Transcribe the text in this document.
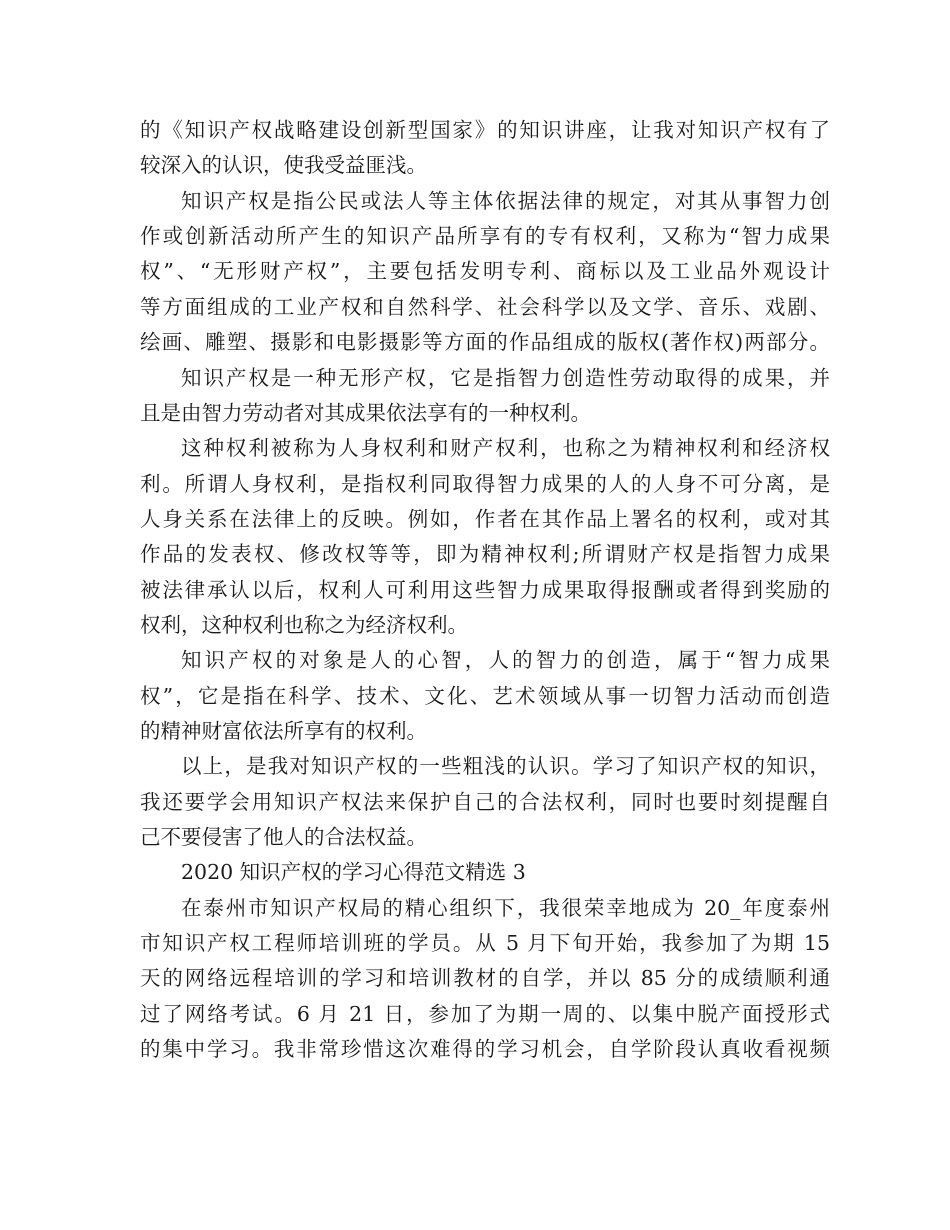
的《知识产权战略建设创新型国家》的知识讲座，让我对知识产权有了
较深入的认识，使我受益匪浅。
知识产权是指公民或法人等主体依据法律的规定，对其从事智力创
作或创新活动所产生的知识产品所享有的专有权利，又称为“智力成果
权”、“无形财产权”，主要包括发明专利、商标以及工业品外观设计
等方面组成的工业产权和自然科学、社会科学以及文学、音乐、戏剧、
绘画、雕塑、摄影和电影摄影等方面的作品组成的版权(著作权)两部分。
知识产权是一种无形产权，它是指智力创造性劳动取得的成果，并
且是由智力劳动者对其成果依法享有的一种权利。
这种权利被称为人身权利和财产权利，也称之为精神权利和经济权
利。所谓人身权利，是指权利同取得智力成果的人的人身不可分离，是
人身关系在法律上的反映。例如，作者在其作品上署名的权利，或对其
作品的发表权、修改权等等，即为精神权利;所谓财产权是指智力成果
被法律承认以后，权利人可利用这些智力成果取得报酬或者得到奖励的
权利，这种权利也称之为经济权利。
知识产权的对象是人的心智，人的智力的创造，属于“智力成果
权”，它是指在科学、技术、文化、艺术领域从事一切智力活动而创造
的精神财富依法所享有的权利。
以上，是我对知识产权的一些粗浅的认识。学习了知识产权的知识，
我还要学会用知识产权法来保护自己的合法权利，同时也要时刻提醒自
己不要侵害了他人的合法权益。
2020 知识产权的学习心得范文精选 3
在泰州市知识产权局的精心组织下，我很荣幸地成为 20_年度泰州
市知识产权工程师培训班的学员。从 5 月下旬开始，我参加了为期 15
天的网络远程培训的学习和培训教材的自学，并以 85 分的成绩顺利通
过了网络考试。6 月 21 日，参加了为期一周的、以集中脱产面授形式
的集中学习。我非常珍惜这次难得的学习机会，自学阶段认真收看视频
